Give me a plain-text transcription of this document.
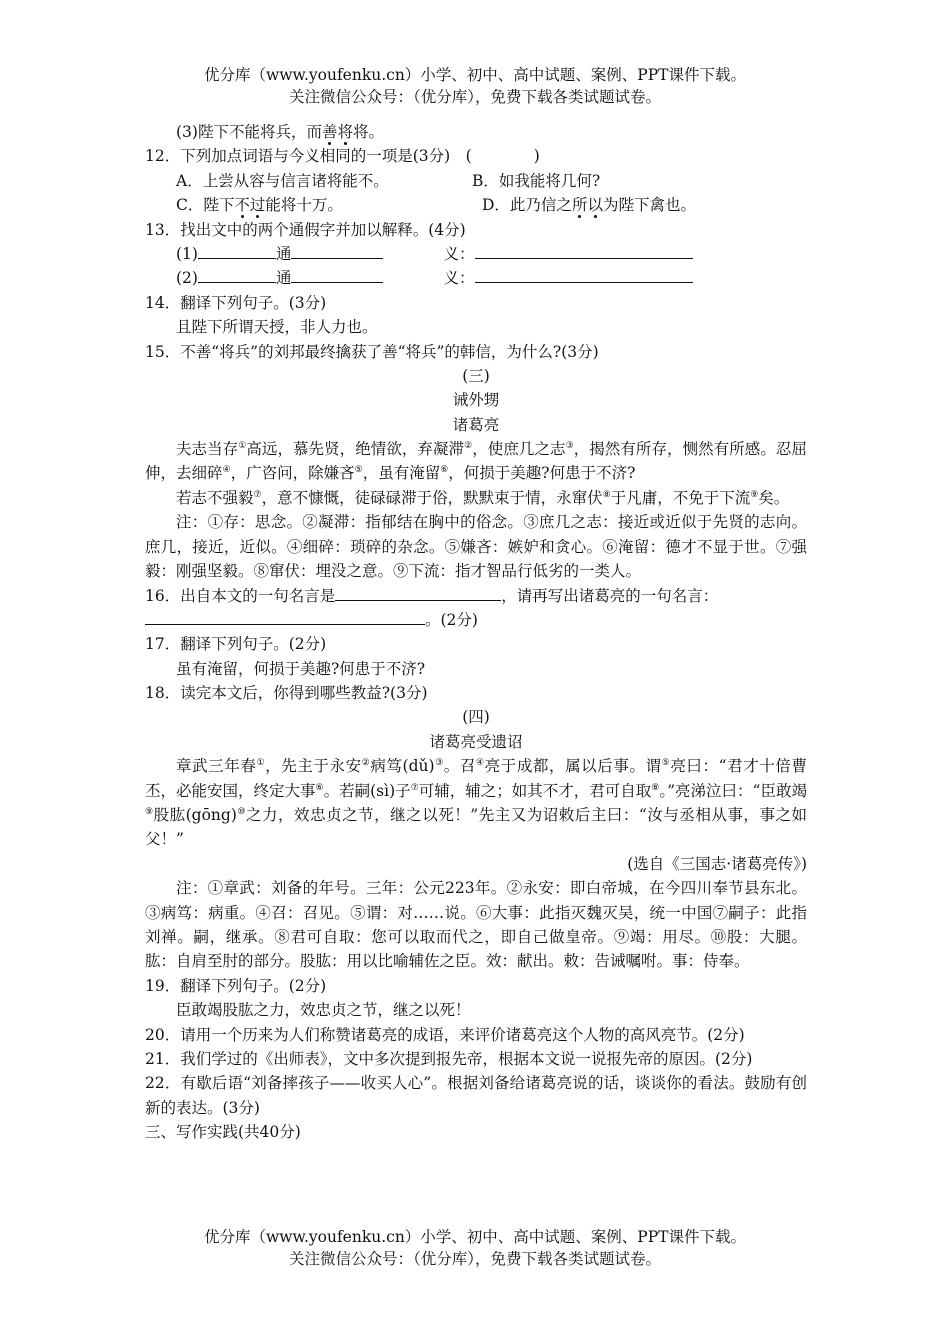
优分库（www.youfenku.cn）小学、初中、高中试题、案例、PPT课件下载。
关注微信公众号：（优分库），免费下载各类试题试卷。
(3)陛下不能将兵，而善将将。
12．下列加点词语与今义相同的一项是(3分)　(　　　　)
A．上尝从容与信言诸将能不。	B．如我能将几何?
C．陛下不过能将十万。	D．此乃信之所以为陛下禽也。
13．找出文中的两个通假字并加以解释。(4分)
(1)	通	义：
(2)	通	义：
14．翻译下列句子。(3分)
且陛下所谓天授，非人力也。
15．不善“将兵”的刘邦最终擒获了善“将兵”的韩信，为什么?(3分)
(三)
诫外甥
诸葛亮
夫志当存①高远，慕先贤，绝情欲，弃凝滞②，使庶几之志③，揭然有所存，恻然有所感。忍屈伸，去细碎④，广咨问，除嫌吝⑤，虽有淹留⑥，何损于美趣?何患于不济?
若志不强毅⑦，意不慷慨，徒碌碌滞于俗，默默束于情，永窜伏⑧于凡庸，不免于下流⑨矣。
注：①存：思念。②凝滞：指郁结在胸中的俗念。③庶几之志：接近或近似于先贤的志向。庶几，接近，近似。④细碎：琐碎的杂念。⑤嫌吝：嫉妒和贪心。⑥淹留：德才不显于世。⑦强毅：刚强坚毅。⑧窜伏：埋没之意。⑨下流：指才智品行低劣的一类人。
16．出自本文的一句名言是	，请再写出诸葛亮的一句名言：
。(2分)
17．翻译下列句子。(2分)
虽有淹留，何损于美趣?何患于不济?
18．读完本文后，你得到哪些教益?(3分)
(四)
诸葛亮受遗诏
章武三年春①，先主于永安②病笃(dǔ)③。召④亮于成都，属以后事。谓⑤亮曰：“君才十倍曹丕，必能安国，终定大事⑥。若嗣(sì)子⑦可辅，辅之；如其不才，君可自取⑧。”亮涕泣曰：“臣敢竭⑨股肱(gōng)⑩之力，效忠贞之节，继之以死！”先主又为诏敕后主曰：“汝与丞相从事，事之如父！”
(选自《三国志·诸葛亮传》)
注：①章武：刘备的年号。三年：公元223年。②永安：即白帝城，在今四川奉节县东北。③病笃：病重。④召：召见。⑤谓：对……说。⑥大事：此指灭魏灭吴，统一中国⑦嗣子：此指刘禅。嗣，继承。⑧君可自取：您可以取而代之，即自己做皇帝。⑨竭：用尽。⑩股：大腿。肱：自肩至肘的部分。股肱：用以比喻辅佐之臣。效：献出。敕：告诫嘱咐。事：侍奉。
19．翻译下列句子。(2分)
臣敢竭股肱之力，效忠贞之节，继之以死！
20．请用一个历来为人们称赞诸葛亮的成语，来评价诸葛亮这个人物的高风亮节。(2分)
21．我们学过的《出师表》，文中多次提到报先帝，根据本文说一说报先帝的原因。(2分)
22．有歇后语“刘备摔孩子——收买人心”。根据刘备给诸葛亮说的话，谈谈你的看法。鼓励有创新的表达。(3分)
三、写作实践(共40分)
优分库（www.youfenku.cn）小学、初中、高中试题、案例、PPT课件下载。
关注微信公众号：（优分库），免费下载各类试题试卷。
